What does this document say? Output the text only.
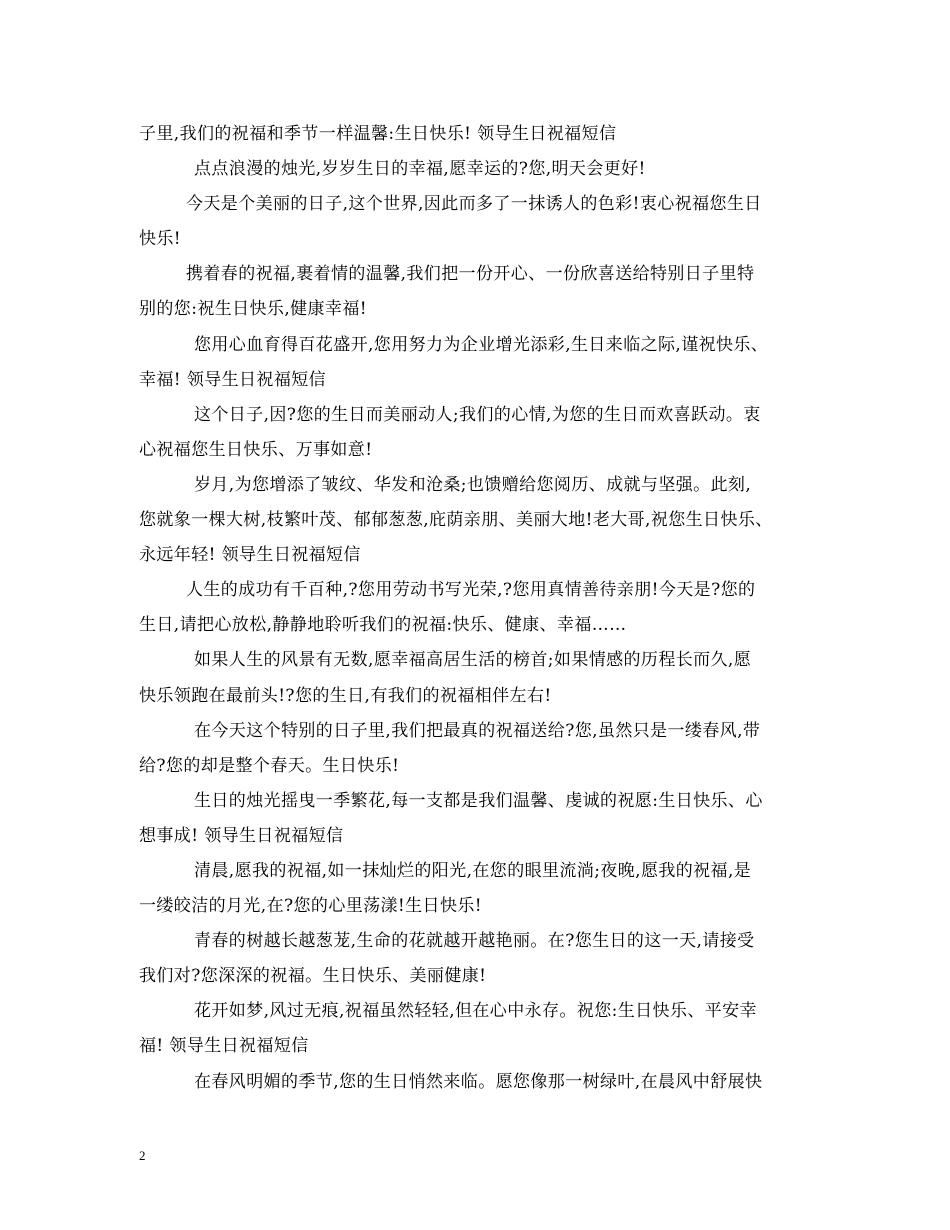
子里,我们的祝福和季节一样温馨:生日快乐! 领导生日祝福短信
点点浪漫的烛光,岁岁生日的幸福,愿幸运的?您,明天会更好!
今天是个美丽的日子,这个世界,因此而多了一抹诱人的色彩!衷心祝福您生日
快乐!
携着春的祝福,裹着情的温馨,我们把一份开心、一份欣喜送给特别日子里特
别的您:祝生日快乐,健康幸福!
您用心血育得百花盛开,您用努力为企业增光添彩,生日来临之际,谨祝快乐、
幸福! 领导生日祝福短信
这个日子,因?您的生日而美丽动人;我们的心情,为您的生日而欢喜跃动。衷
心祝福您生日快乐、万事如意!
岁月,为您增添了皱纹、华发和沧桑;也馈赠给您阅历、成就与坚强。此刻,
您就象一棵大树,枝繁叶茂、郁郁葱葱,庇荫亲朋、美丽大地!老大哥,祝您生日快乐、
永远年轻! 领导生日祝福短信
人生的成功有千百种,?您用劳动书写光荣,?您用真情善待亲朋!今天是?您的
生日,请把心放松,静静地聆听我们的祝福:快乐、健康、幸福……
如果人生的风景有无数,愿幸福高居生活的榜首;如果情感的历程长而久,愿
快乐领跑在最前头!?您的生日,有我们的祝福相伴左右!
在今天这个特别的日子里,我们把最真的祝福送给?您,虽然只是一缕春风,带
给?您的却是整个春天。生日快乐!
生日的烛光摇曳一季繁花,每一支都是我们温馨、虔诚的祝愿:生日快乐、心
想事成! 领导生日祝福短信
清晨,愿我的祝福,如一抹灿烂的阳光,在您的眼里流淌;夜晚,愿我的祝福,是
一缕皎洁的月光,在?您的心里荡漾!生日快乐!
青春的树越长越葱茏,生命的花就越开越艳丽。在?您生日的这一天,请接受
我们对?您深深的祝福。生日快乐、美丽健康!
花开如梦,风过无痕,祝福虽然轻轻,但在心中永存。祝您:生日快乐、平安幸
福! 领导生日祝福短信
在春风明媚的季节,您的生日悄然来临。愿您像那一树绿叶,在晨风中舒展快
2
